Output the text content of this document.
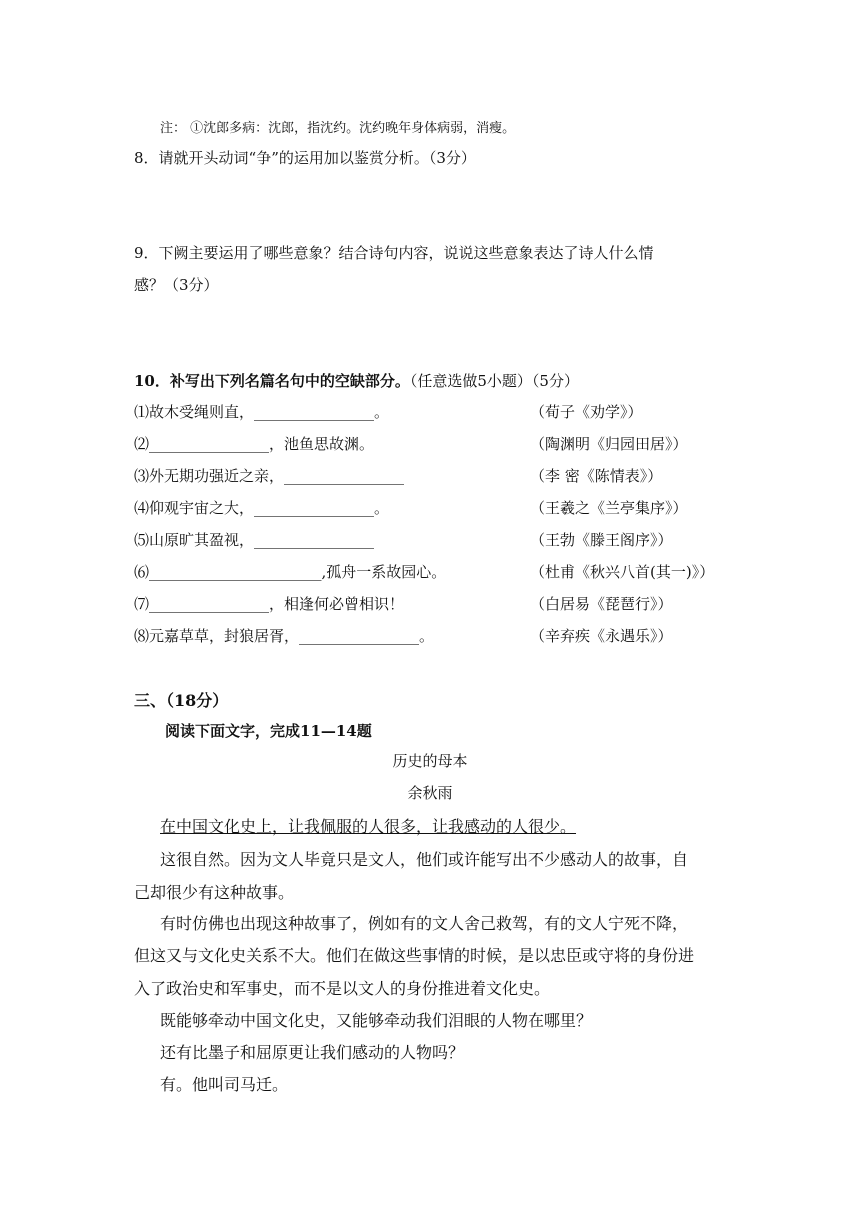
注： ①沈郎多病：沈郎，指沈约。沈约晚年身体病弱，消瘦。
8．请就开头动词“争”的运用加以鉴赏分析。（3分）
9．下阙主要运用了哪些意象？结合诗句内容，说说这些意象表达了诗人什么情
感？（3分）
10．补写出下列名篇名句中的空缺部分。（任意选做5小题）（5分）
⑴故木受绳则直，________________。	（荀子《劝学》）
⑵________________，池鱼思故渊。	（陶渊明《归园田居》）
⑶外无期功强近之亲，________________	（李 密《陈情表》）
⑷仰观宇宙之大，________________。	（王羲之《兰亭集序》）
⑸山原旷其盈视，________________	（王勃《滕王阁序》）
⑹_______________________,孤舟一系故园心。	（杜甫《秋兴八首(其一)》）
⑺________________，相逢何必曾相识！	（白居易《琵琶行》）
⑻元嘉草草，封狼居胥，________________。	（辛弃疾《永遇乐》）
三、（18分）
阅读下面文字，完成11—14题
历史的母本
余秋雨
在中国文化史上，让我佩服的人很多，让我感动的人很少。
这很自然。因为文人毕竟只是文人，他们或许能写出不少感动人的故事，自
己却很少有这种故事。
有时仿佛也出现这种故事了，例如有的文人舍己救驾，有的文人宁死不降，
但这又与文化史关系不大。他们在做这些事情的时候，是以忠臣或守将的身份进
入了政治史和军事史，而不是以文人的身份推进着文化史。
既能够牵动中国文化史，又能够牵动我们泪眼的人物在哪里？
还有比墨子和屈原更让我们感动的人物吗？
有。他叫司马迁。
